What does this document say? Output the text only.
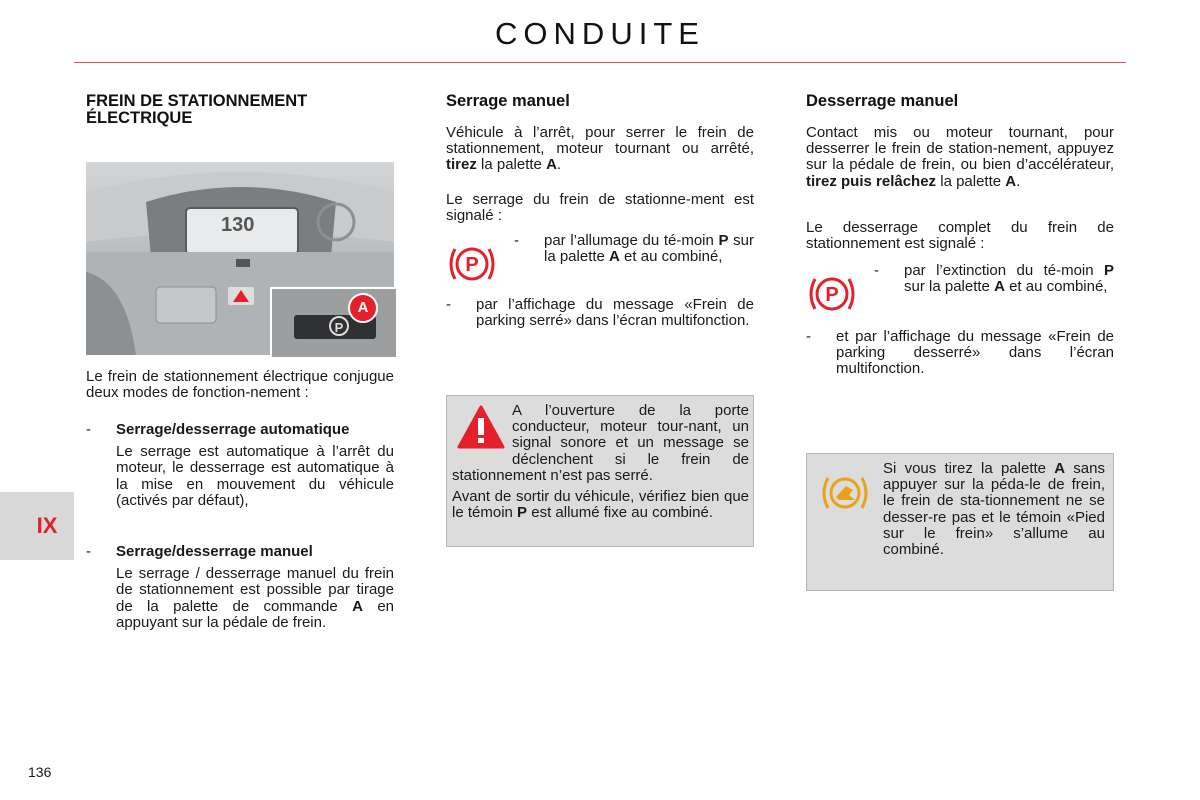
CONDUITE
IX
136
FREIN DE STATIONNEMENT ÉLECTRIQUE
130
P
A
Le frein de stationnement électrique conjugue deux modes de fonction-nement :
-	Serrage/desserrage automatique
Le serrage est automatique à l’arrêt du moteur, le desserrage est automatique à la mise en mouvement du véhicule (activés par défaut),
-	Serrage/desserrage manuel
Le serrage / desserrage manuel du frein de stationnement est possible par tirage de la palette de commande A en appuyant sur la pédale de frein.
Serrage manuel
Véhicule à l’arrêt, pour serrer le frein de stationnement, moteur tournant ou arrêté, tirez la palette A.
Le serrage du frein de stationne-ment est signalé :
P
-	par l’allumage du té-moin P sur la palette A et au combiné,
-	par l’affichage du message «Frein de parking serré» dans l’écran multifonction.
A l’ouverture de la porte conducteur, moteur tour-nant, un signal sonore et un message se déclenchent si le frein de stationnement n’est pas serré.
Avant de sortir du véhicule, vérifiez bien que le témoin P est allumé fixe au combiné.
Desserrage manuel
Contact mis ou moteur tournant, pour desserrer le frein de station-nement, appuyez sur la pédale de frein, ou bien d’accélérateur, tirez puis relâchez la palette A.
Le desserrage complet du frein de stationnement est signalé :
P
-	par l’extinction du té-moin P sur la palette A et au combiné,
-	et par l’affichage du message «Frein de parking desserré» dans l’écran multifonction.
Si vous tirez la palette A sans appuyer sur la péda-le de frein, le frein de sta-tionnement ne se desser-re pas et le témoin «Pied sur le frein» s’allume au combiné.
